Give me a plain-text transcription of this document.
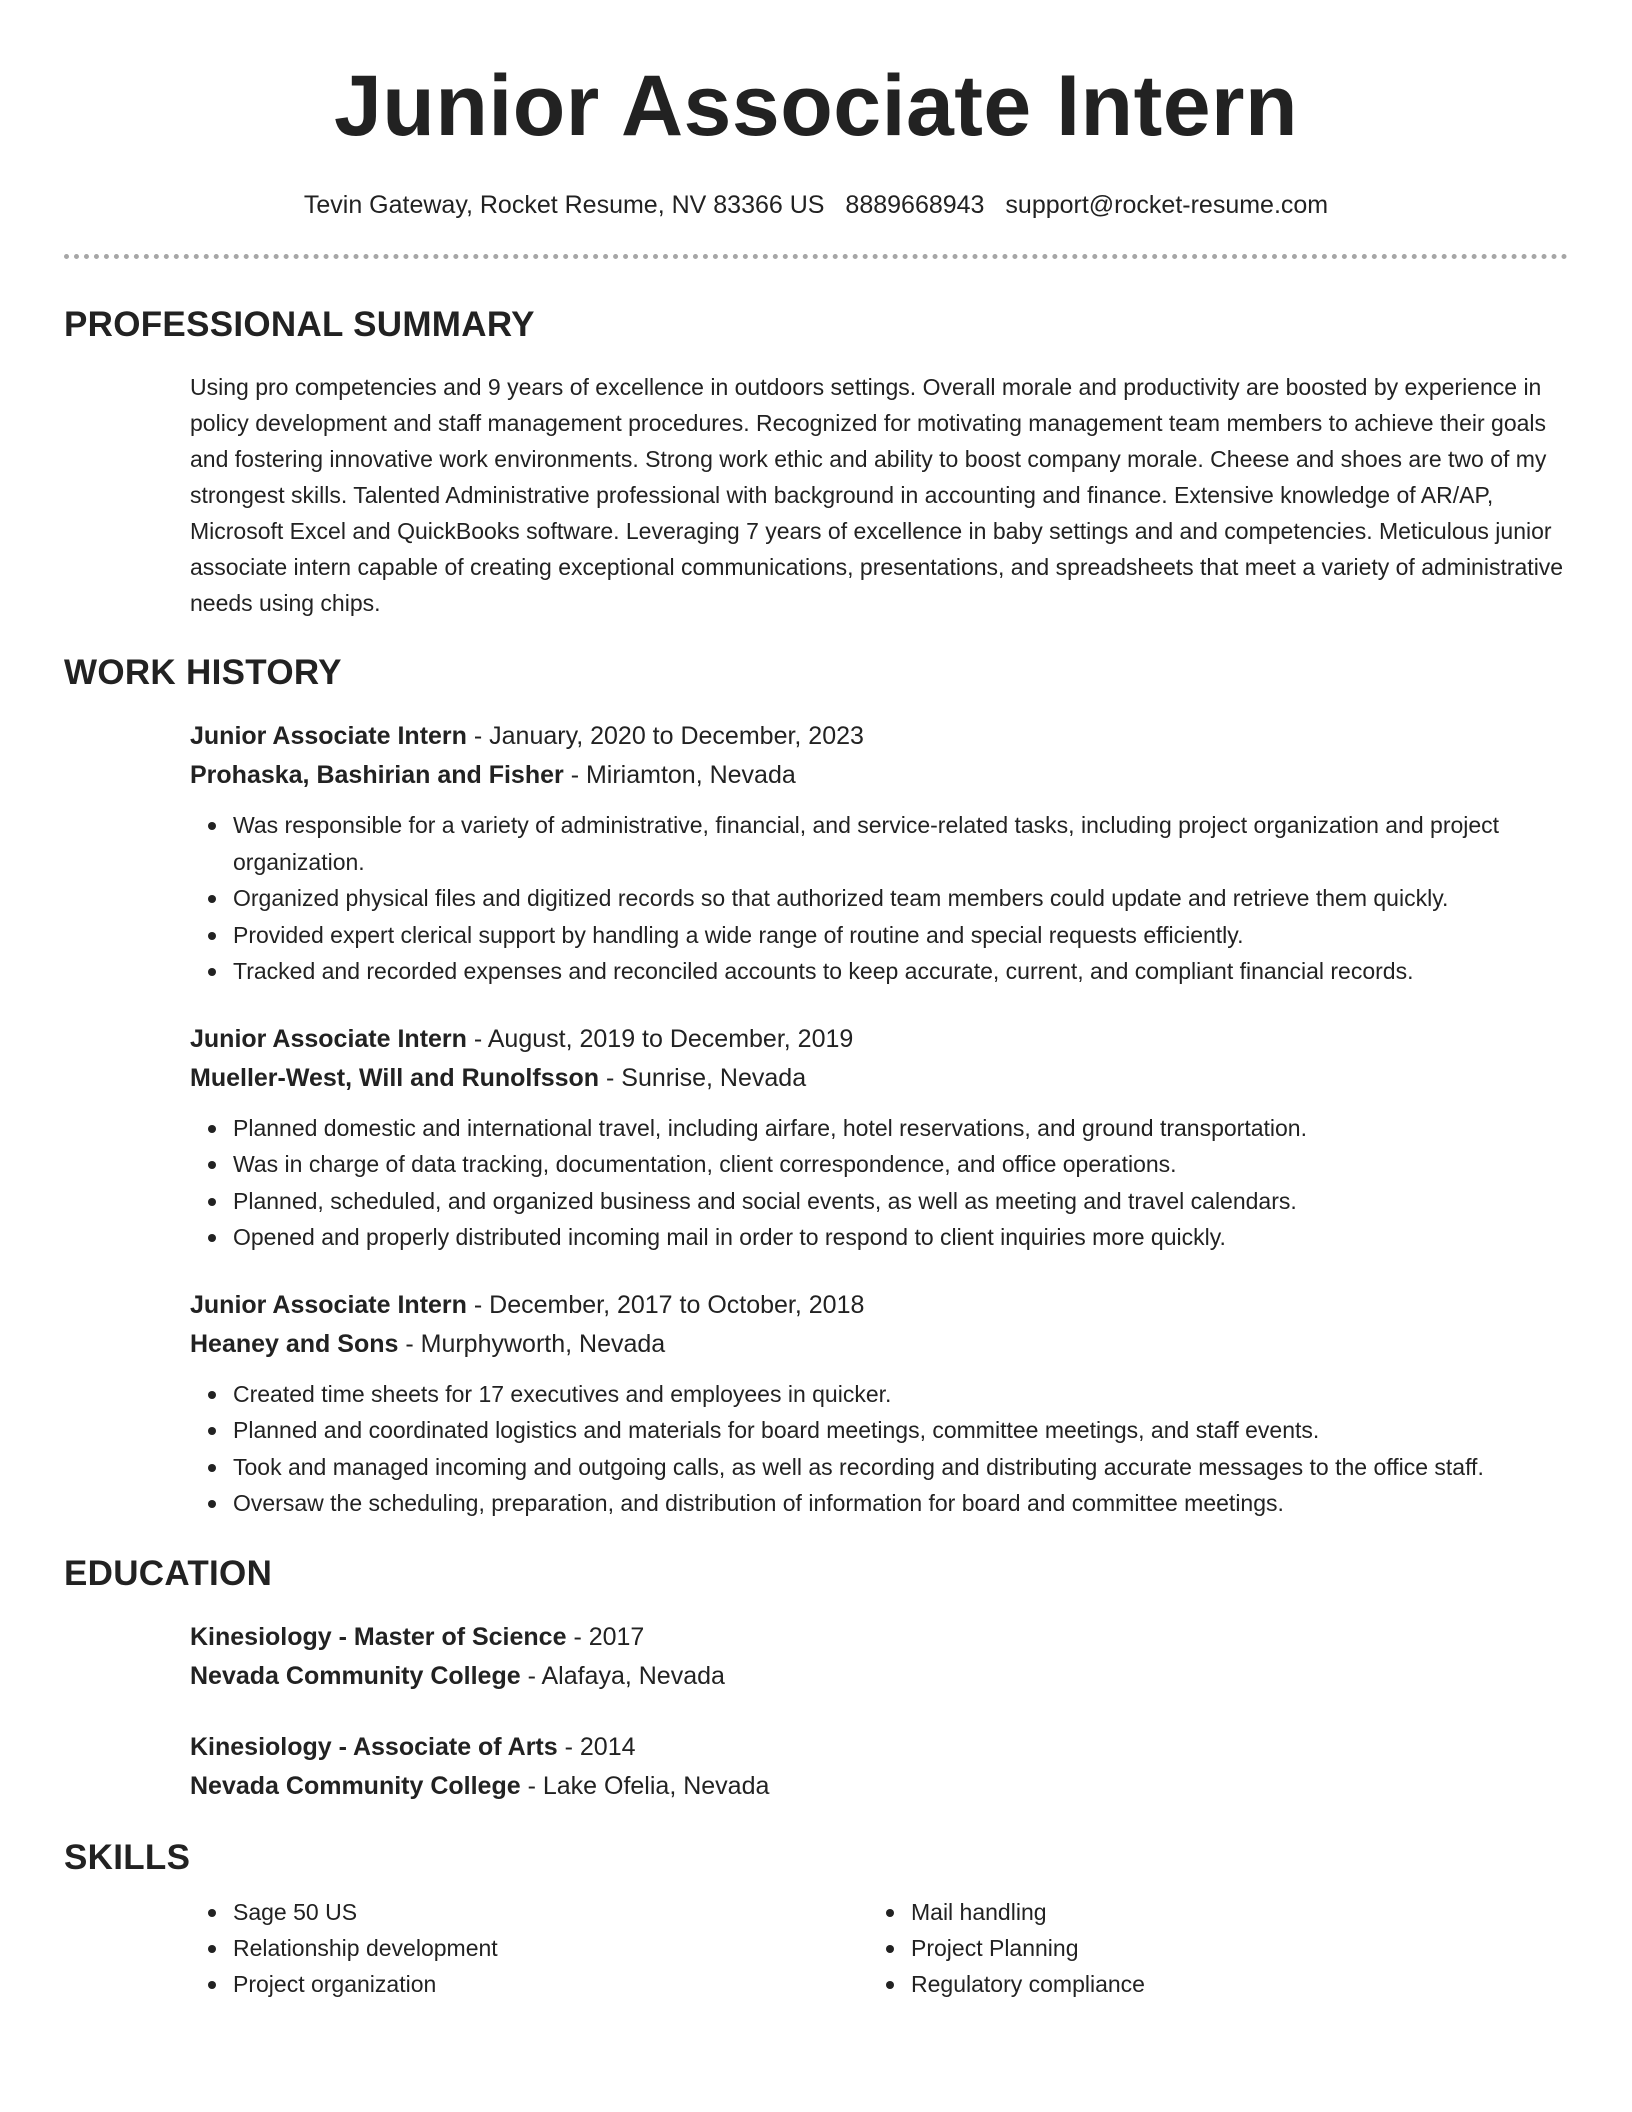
Junior Associate Intern
Tevin Gateway, Rocket Resume, NV 83366 US 8889668943 support@rocket-resume.com
PROFESSIONAL SUMMARY

Using pro competencies and 9 years of excellence in outdoors settings. Overall morale and productivity are boosted by experience in policy development and staff management procedures. Recognized for motivating management team members to achieve their goals and fostering innovative work environments. Strong work ethic and ability to boost company morale. Cheese and shoes are two of my strongest skills. Talented Administrative professional with background in accounting and finance. Extensive knowledge of AR/AP, Microsoft Excel and QuickBooks software. Leveraging 7 years of excellence in baby settings and and competencies. Meticulous junior associate intern capable of creating exceptional communications, presentations, and spreadsheets that meet a variety of administrative needs using chips.

WORK HISTORY
Junior Associate Intern - January, 2020 to December, 2023
Prohaska, Bashirian and Fisher - Miriamton, Nevada
Was responsible for a variety of administrative, financial, and service-related tasks, including project organization and project organization.
Organized physical files and digitized records so that authorized team members could update and retrieve them quickly.
Provided expert clerical support by handling a wide range of routine and special requests efficiently.
Tracked and recorded expenses and reconciled accounts to keep accurate, current, and compliant financial records.
Junior Associate Intern - August, 2019 to December, 2019
Mueller-West, Will and Runolfsson - Sunrise, Nevada
Planned domestic and international travel, including airfare, hotel reservations, and ground transportation.
Was in charge of data tracking, documentation, client correspondence, and office operations.
Planned, scheduled, and organized business and social events, as well as meeting and travel calendars.
Opened and properly distributed incoming mail in order to respond to client inquiries more quickly.
Junior Associate Intern - December, 2017 to October, 2018
Heaney and Sons - Murphyworth, Nevada
Created time sheets for 17 executives and employees in quicker.
Planned and coordinated logistics and materials for board meetings, committee meetings, and staff events.
Took and managed incoming and outgoing calls, as well as recording and distributing accurate messages to the office staff.
Oversaw the scheduling, preparation, and distribution of information for board and committee meetings.
EDUCATION
Kinesiology - Master of Science - 2017
Nevada Community College - Alafaya, Nevada
Kinesiology - Associate of Arts - 2014
Nevada Community College - Lake Ofelia, Nevada
SKILLS
Sage 50 US
Relationship development
Project organization
Mail handling
Project Planning
Regulatory compliance
